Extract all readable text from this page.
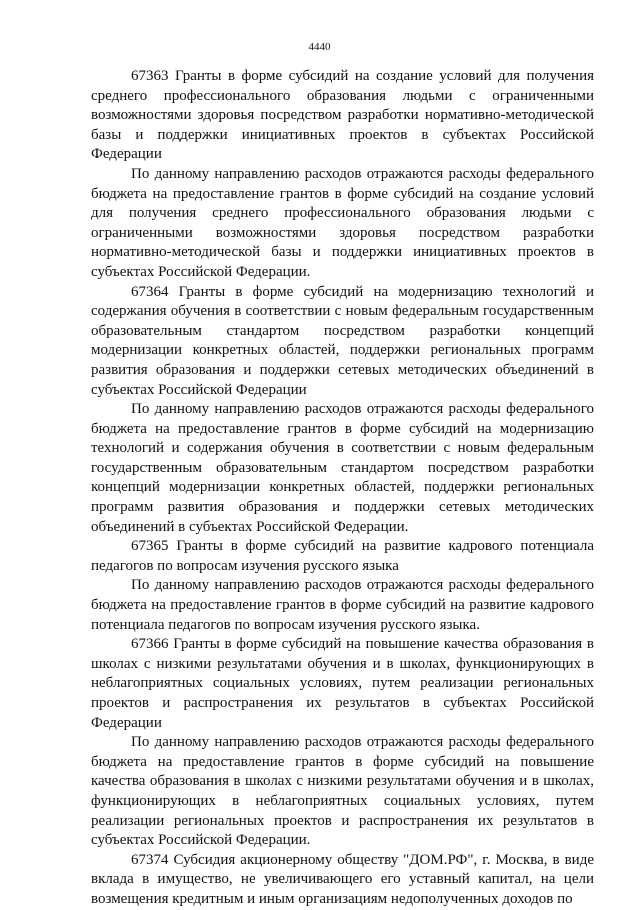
4440

67363 Гранты в форме субсидий на создание условий для получения среднего профессионального образования людьми с ограниченными возможностями здоровья посредством разработки нормативно-методической базы и поддержки инициативных проектов в субъектах Российской Федерации

По данному направлению расходов отражаются расходы федерального бюджета на предоставление грантов в форме субсидий на создание условий для получения среднего профессионального образования людьми с ограниченными возможностями здоровья посредством разработки нормативно-методической базы и поддержки инициативных проектов в субъектах Российской Федерации.

67364 Гранты в форме субсидий на модернизацию технологий и содержания обучения в соответствии с новым федеральным государственным образовательным стандартом посредством разработки концепций модернизации конкретных областей, поддержки региональных программ развития образования и поддержки сетевых методических объединений в субъектах Российской Федерации

По данному направлению расходов отражаются расходы федерального бюджета на предоставление грантов в форме субсидий на модернизацию технологий и содержания обучения в соответствии с новым федеральным государственным образовательным стандартом посредством разработки концепций модернизации конкретных областей, поддержки региональных программ развития образования и поддержки сетевых методических объединений в субъектах Российской Федерации.

67365 Гранты в форме субсидий на развитие кадрового потенциала педагогов по вопросам изучения русского языка

По данному направлению расходов отражаются расходы федерального бюджета на предоставление грантов в форме субсидий на развитие кадрового потенциала педагогов по вопросам изучения русского языка.

67366 Гранты в форме субсидий на повышение качества образования в школах с низкими результатами обучения и в школах, функционирующих в неблагоприятных социальных условиях, путем реализации региональных проектов и распространения их результатов в субъектах Российской Федерации

По данному направлению расходов отражаются расходы федерального бюджета на предоставление грантов в форме субсидий на повышение качества образования в школах с низкими результатами обучения и в школах, функционирующих в неблагоприятных социальных условиях, путем реализации региональных проектов и распространения их результатов в субъектах Российской Федерации.

67374 Субсидия акционерному обществу "ДОМ.РФ", г. Москва, в виде вклада в имущество, не увеличивающего его уставный капитал, на цели возмещения кредитным и иным организациям недополученных доходов по
